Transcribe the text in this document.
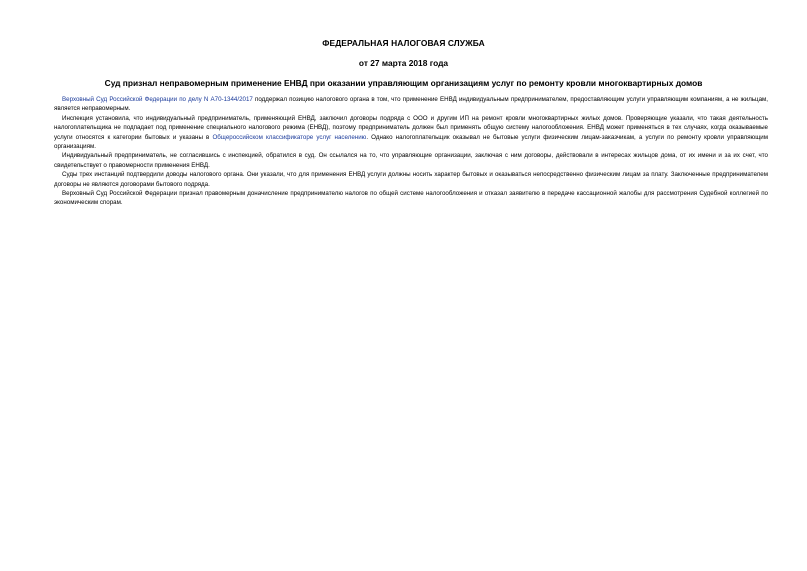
ФЕДЕРАЛЬНАЯ НАЛОГОВАЯ СЛУЖБА
от 27 марта 2018 года
Суд признал неправомерным применение ЕНВД при оказании управляющим организациям услуг по ремонту кровли многоквартирных домов

Верховный Суд Российской Федерации по делу N А70-1344/2017 поддержал позицию налогового органа в том, что применение ЕНВД индивидуальным предпринимателем, предоставляющим услуги управляющим компаниям, а не жильцам, является неправомерным.

Инспекция установила, что индивидуальный предприниматель, применяющий ЕНВД, заключил договоры подряда с ООО и другим ИП на ремонт кровли многоквартирных жилых домов. Проверяющие указали, что такая деятельность налогоплательщика не подпадает под применение специального налогового режима (ЕНВД), поэтому предприниматель должен был применять общую систему налогообложения. ЕНВД может применяться в тех случаях, когда оказываемые услуги относятся к категории бытовых и указаны в Общероссийском классификаторе услуг населению. Однако налогоплательщик оказывал не бытовые услуги физическим лицам-заказчикам, а услуги по ремонту кровли управляющим организациям.

Индивидуальный предприниматель, не согласившись с инспекцией, обратился в суд. Он ссылался на то, что управляющие организации, заключая с ним договоры, действовали в интересах жильцов дома, от их имени и за их счет, что свидетельствует о правомерности применения ЕНВД.

Суды трех инстанций подтвердили доводы налогового органа. Они указали, что для применения ЕНВД услуги должны носить характер бытовых и оказываться непосредственно физическим лицам за плату. Заключенные предпринимателем договоры не являются договорами бытового подряда.

Верховный Суд Российской Федерации признал правомерным доначисление предпринимателю налогов по общей системе налогообложения и отказал заявителю в передаче кассационной жалобы для рассмотрения Судебной коллегией по экономическим спорам.
